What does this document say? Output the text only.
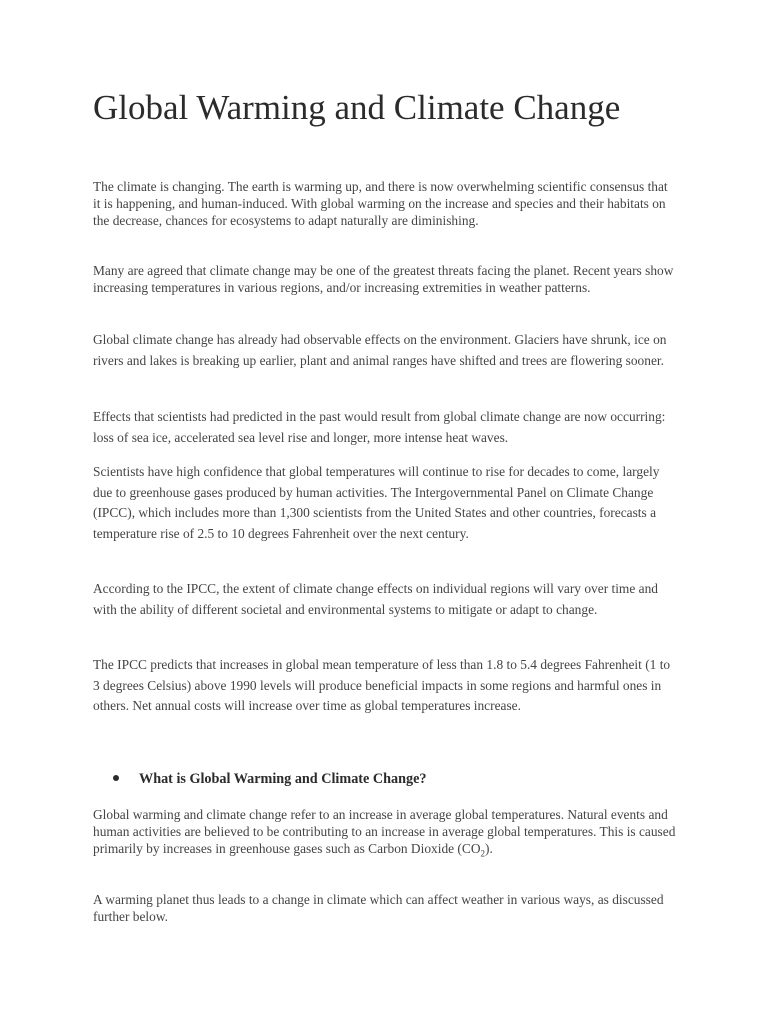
Global Warming and Climate Change

The climate is changing. The earth is warming up, and there is now overwhelming scientific consensus that it is happening, and human-induced. With global warming on the increase and species and their habitats on the decrease, chances for ecosystems to adapt naturally are diminishing.

Many are agreed that climate change may be one of the greatest threats facing the planet. Recent years show increasing temperatures in various regions, and/or increasing extremities in weather patterns.

Global climate change has already had observable effects on the environment. Glaciers have shrunk, ice on rivers and lakes is breaking up earlier, plant and animal ranges have shifted and trees are flowering sooner.

Effects that scientists had predicted in the past would result from global climate change are now occurring: loss of sea ice, accelerated sea level rise and longer, more intense heat waves.

Scientists have high confidence that global temperatures will continue to rise for decades to come, largely due to greenhouse gases produced by human activities. The Intergovernmental Panel on Climate Change (IPCC), which includes more than 1,300 scientists from the United States and other countries, forecasts a temperature rise of 2.5 to 10 degrees Fahrenheit over the next century.

According to the IPCC, the extent of climate change effects on individual regions will vary over time and with the ability of different societal and environmental systems to mitigate or adapt to change.

The IPCC predicts that increases in global mean temperature of less than 1.8 to 5.4 degrees Fahrenheit (1 to 3 degrees Celsius) above 1990 levels will produce beneficial impacts in some regions and harmful ones in others. Net annual costs will increase over time as global temperatures increase.

What is Global Warming and Climate Change?

Global warming and climate change refer to an increase in average global temperatures. Natural events and human activities are believed to be contributing to an increase in average global temperatures. This is caused primarily by increases in greenhouse gases such as Carbon Dioxide $(CO_2)$.

A warming planet thus leads to a change in climate which can affect weather in various ways, as discussed further below.
